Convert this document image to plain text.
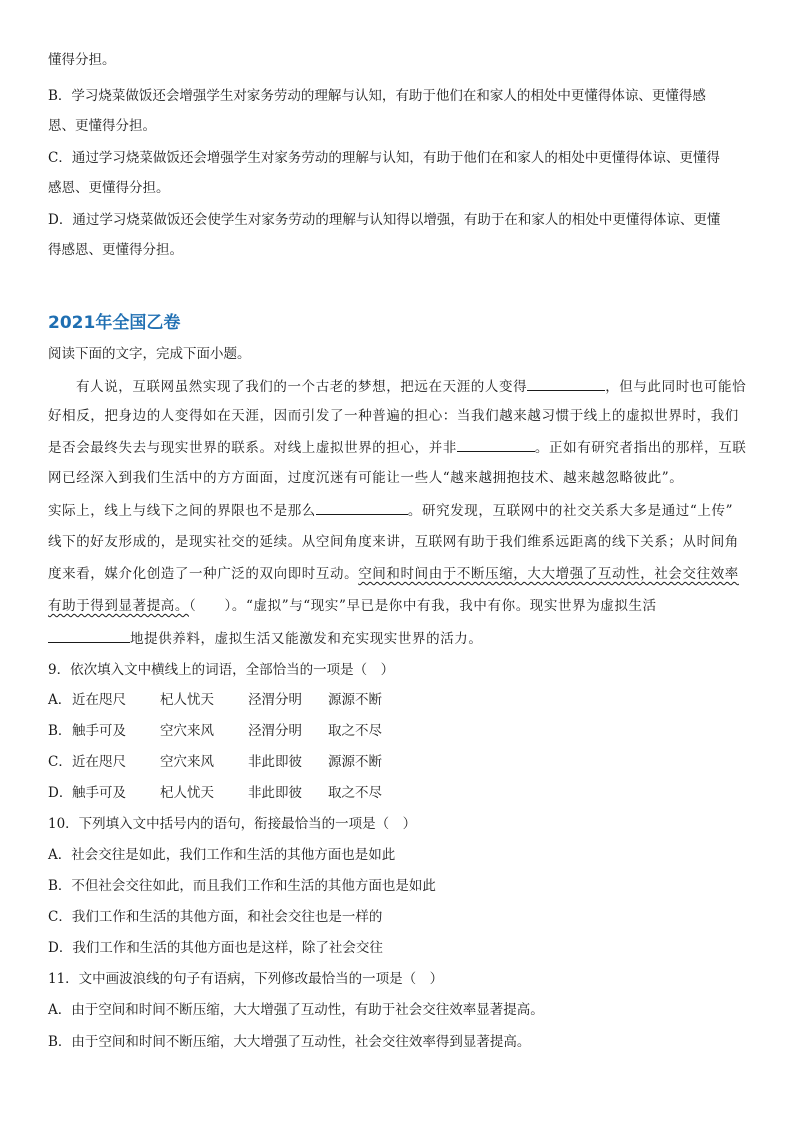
懂得分担。
B．学习烧菜做饭还会增强学生对家务劳动的理解与认知，有助于他们在和家人的相处中更懂得体谅、更懂得感
恩、更懂得分担。
C．通过学习烧菜做饭还会增强学生对家务劳动的理解与认知，有助于他们在和家人的相处中更懂得体谅、更懂得
感恩、更懂得分担。
D．通过学习烧菜做饭还会使学生对家务劳动的理解与认知得以增强，有助于在和家人的相处中更懂得体谅、更懂
得感恩、更懂得分担。
2021年全国乙卷
阅读下面的文字，完成下面小题。
有人说，互联网虽然实现了我们的一个古老的梦想，把远在天涯的人变得	，但与此同时也可能恰
好相反，把身边的人变得如在天涯，因而引发了一种普遍的担心：当我们越来越习惯于线上的虚拟世界时，我们
是否会最终失去与现实世界的联系。对线上虚拟世界的担心，并非	。正如有研究者指出的那样，互联
网已经深入到我们生活中的方方面面，过度沉迷有可能让一些人“越来越拥抱技术、越来越忽略彼此”。
实际上，线上与线下之间的界限也不是那么	。研究发现，互联网中的社交关系大多是通过“上传”
线下的好友形成的，是现实社交的延续。从空间角度来讲，互联网有助于我们维系远距离的线下关系；从时间角
度来看，媒介化创造了一种广泛的双向即时互动。空间和时间由于不断压缩，大大增强了互动性，社会交往效率
有助于得到显著提高。（　　）。“虚拟”与“现实”早已是你中有我，我中有你。现实世界为虚拟生活
地提供养料，虚拟生活又能激发和充实现实世界的活力。
9．依次填入文中横线上的词语，全部恰当的一项是（　）
A．近在咫尺	杞人忧天	泾渭分明 源源不断
B．触手可及	空穴来风	泾渭分明 取之不尽
C．近在咫尺	空穴来风	非此即彼 源源不断
D．触手可及	杞人忧天	非此即彼 取之不尽
10．下列填入文中括号内的语句，衔接最恰当的一项是（　）
A．社会交往是如此，我们工作和生活的其他方面也是如此
B．不但社会交往如此，而且我们工作和生活的其他方面也是如此
C．我们工作和生活的其他方面，和社会交往也是一样的
D．我们工作和生活的其他方面也是这样，除了社会交往
11．文中画波浪线的句子有语病，下列修改最恰当的一项是（　）
A．由于空间和时间不断压缩，大大增强了互动性，有助于社会交往效率显著提高。
B．由于空间和时间不断压缩，大大增强了互动性，社会交往效率得到显著提高。
